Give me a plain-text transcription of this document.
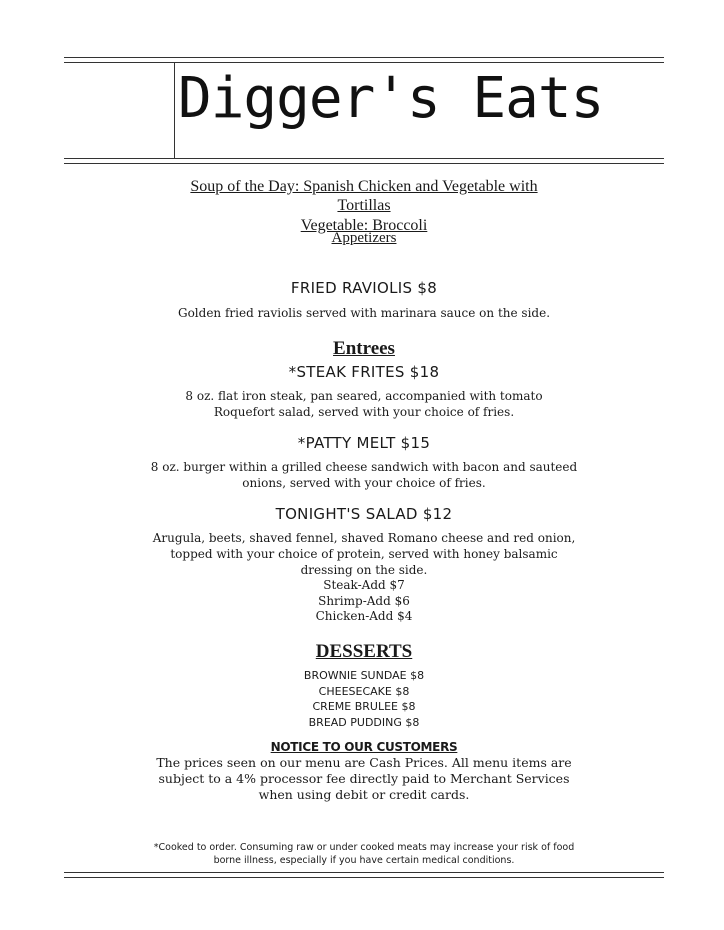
Digger's Eats
Soup of the Day: Spanish Chicken and Vegetable with Tortillas
Vegetable: Broccoli
Appetizers
FRIED RAVIOLIS $8
Golden fried raviolis served with marinara sauce on the side.
Entrees
*STEAK FRITES $18
8 oz. flat iron steak, pan seared, accompanied with tomato Roquefort salad, served with your choice of fries.
*PATTY MELT $15
8 oz. burger within a grilled cheese sandwich with bacon and sauteed onions, served with your choice of fries.
TONIGHT'S SALAD $12
Arugula, beets, shaved fennel, shaved Romano cheese and red onion, topped with your choice of protein, served with honey balsamic dressing on the side.
Steak-Add $7
Shrimp-Add $6
Chicken-Add $4
DESSERTS
BROWNIE SUNDAE $8
CHEESECAKE $8
CREME BRULEE $8
BREAD PUDDING $8
NOTICE TO OUR CUSTOMERS
The prices seen on our menu are Cash Prices. All menu items are subject to a 4% processor fee directly paid to Merchant Services when using debit or credit cards.
*Cooked to order. Consuming raw or under cooked meats may increase your risk of food borne illness, especially if you have certain medical conditions.
